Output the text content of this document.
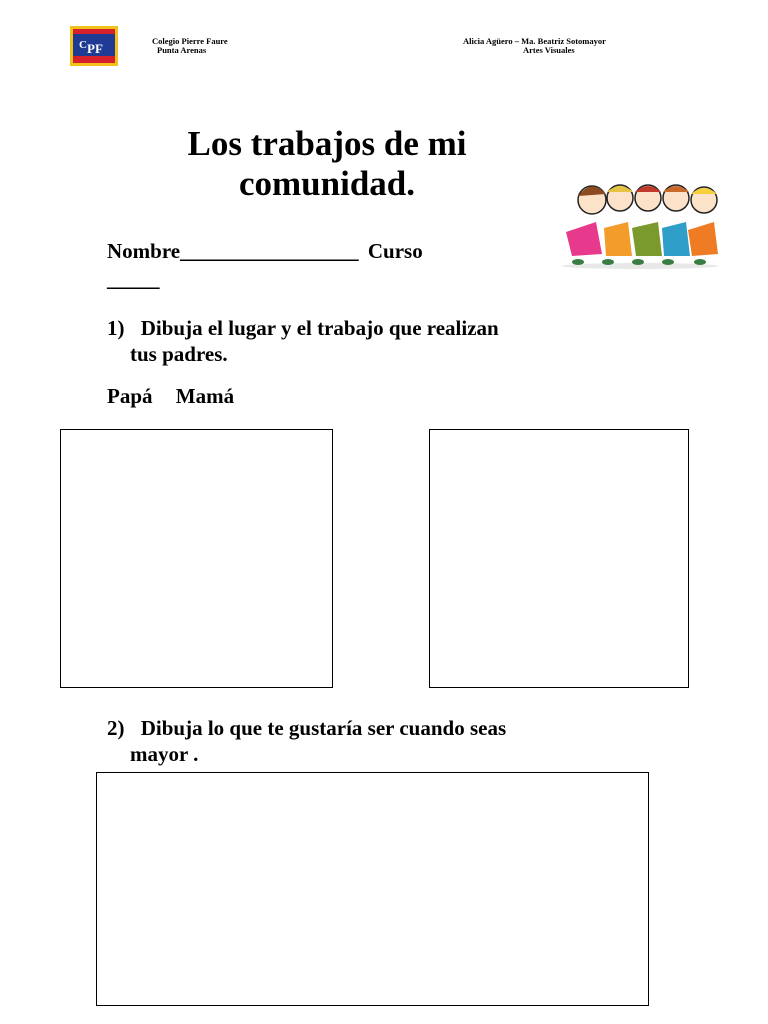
C PF	Colegio Pierre Faure
Punta Arenas
Alicia Agüero – Ma. Beatriz Sotomayor
Artes Visuales
Los trabajos de mi
comunidad.
Nombre_________________ Curso
_____
1) Dibuja el lugar y el trabajo que realizan
tus padres.
Papá Mamá
2) Dibuja lo que te gustaría ser cuando seas
mayor .
